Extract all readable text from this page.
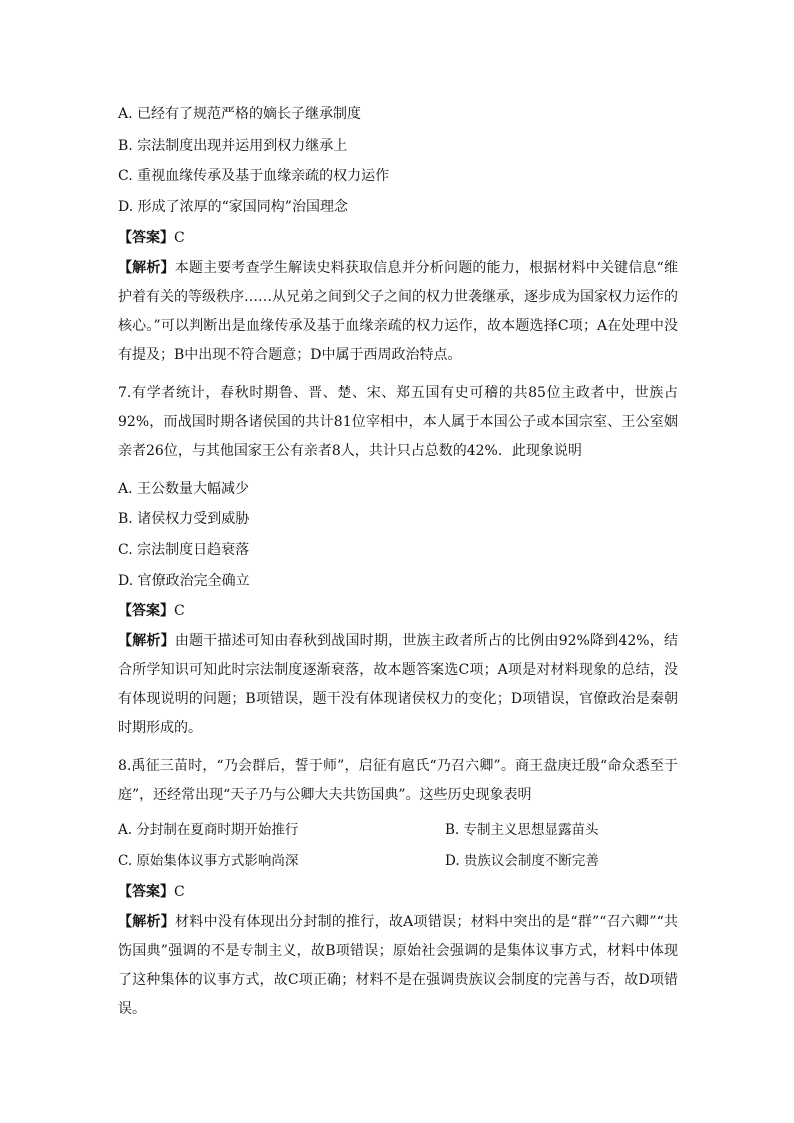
A. 已经有了规范严格的嫡长子继承制度
B. 宗法制度出现并运用到权力继承上
C. 重视血缘传承及基于血缘亲疏的权力运作
D. 形成了浓厚的“家国同构”治国理念
【答案】C
【解析】本题主要考查学生解读史料获取信息并分析问题的能力，根据材料中关键信息“维护着有关的等级秩序……从兄弟之间到父子之间的权力世袭继承，逐步成为国家权力运作的核心。”可以判断出是血缘传承及基于血缘亲疏的权力运作，故本题选择C项；A在处理中没有提及；B中出现不符合题意；D中属于西周政治特点。
7.有学者统计，春秋时期鲁、晋、楚、宋、郑五国有史可稽的共85位主政者中，世族占92%，而战国时期各诸侯国的共计81位宰相中，本人属于本国公子或本国宗室、王公室姻亲者26位，与其他国家王公有亲者8人，共计只占总数的42%．此现象说明
A. 王公数量大幅减少
B. 诸侯权力受到威胁
C. 宗法制度日趋衰落
D. 官僚政治完全确立
【答案】C
【解析】由题干描述可知由春秋到战国时期，世族主政者所占的比例由92%降到42%，结合所学知识可知此时宗法制度逐渐衰落，故本题答案选C项；A项是对材料现象的总结，没有体现说明的问题；B项错误，题干没有体现诸侯权力的变化；D项错误，官僚政治是秦朝时期形成的。
8.禹征三苗时，“乃会群后，誓于师”，启征有扈氏“乃召六卿”。商王盘庚迁殷“命众悉至于庭”，还经常出现“天子乃与公卿大夫共饬国典”。这些历史现象表明
A. 分封制在夏商时期开始推行	B. 专制主义思想显露苗头
C. 原始集体议事方式影响尚深	D. 贵族议会制度不断完善
【答案】C
【解析】材料中没有体现出分封制的推行，故A项错误；材料中突出的是“群”“召六卿”“共饬国典”强调的不是专制主义，故B项错误；原始社会强调的是集体议事方式，材料中体现了这种集体的议事方式，故C项正确；材料不是在强调贵族议会制度的完善与否，故D项错误。
